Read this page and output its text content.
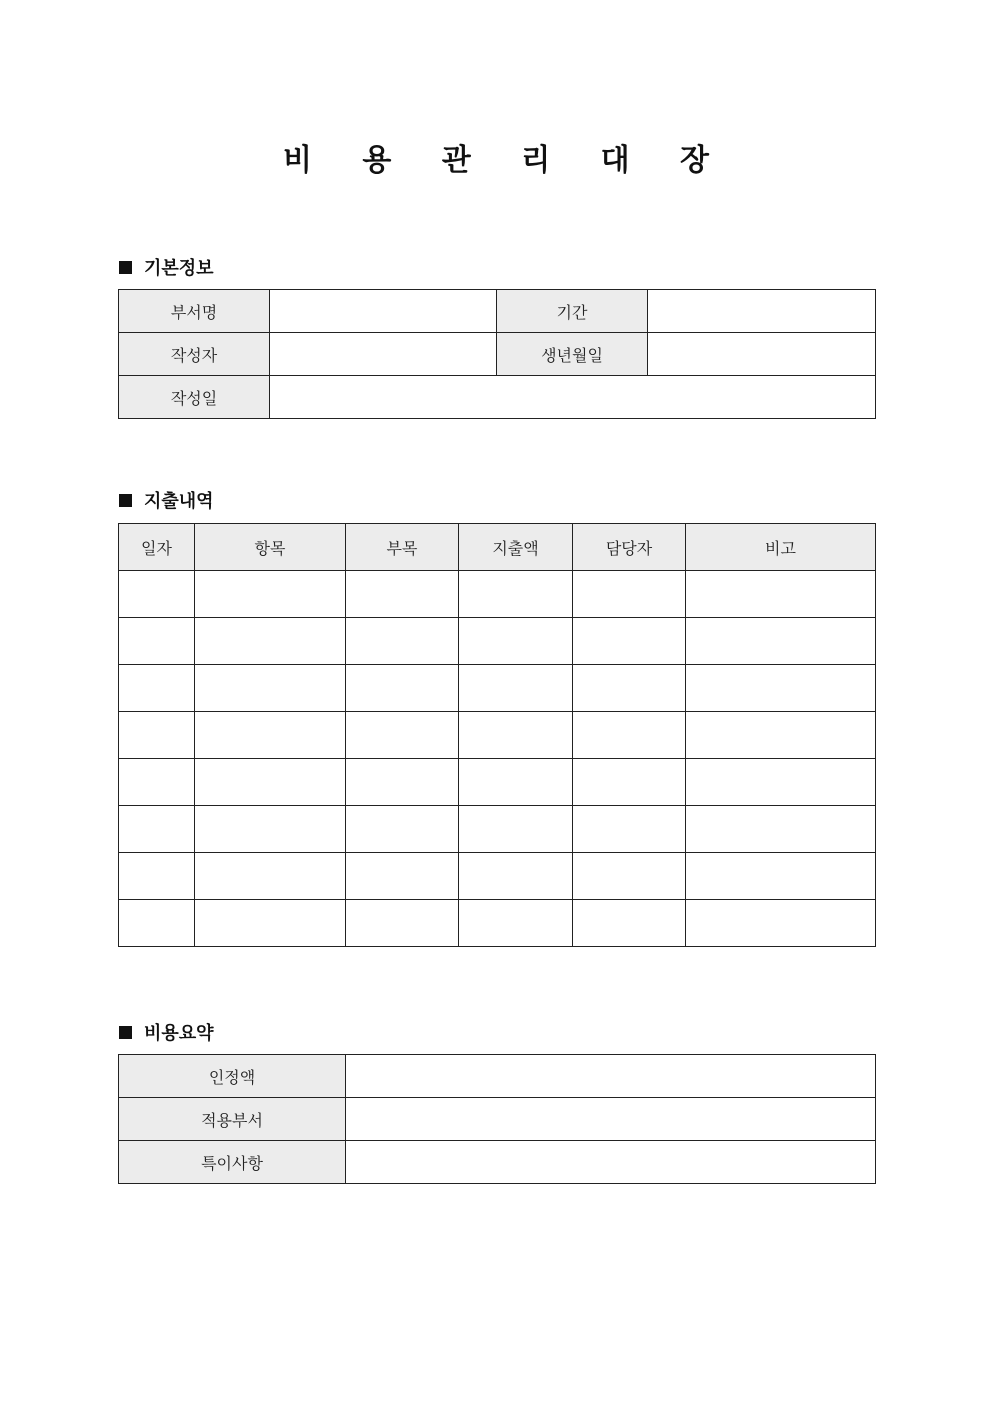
비 용 관 리 대 장
기본정보
부서명		기간	
작성자		생년월일	
작성일			
지출내역
일자	항목	부목	지출액	담당자	비고

비용요약
인정액	
적용부서	
특이사항	
